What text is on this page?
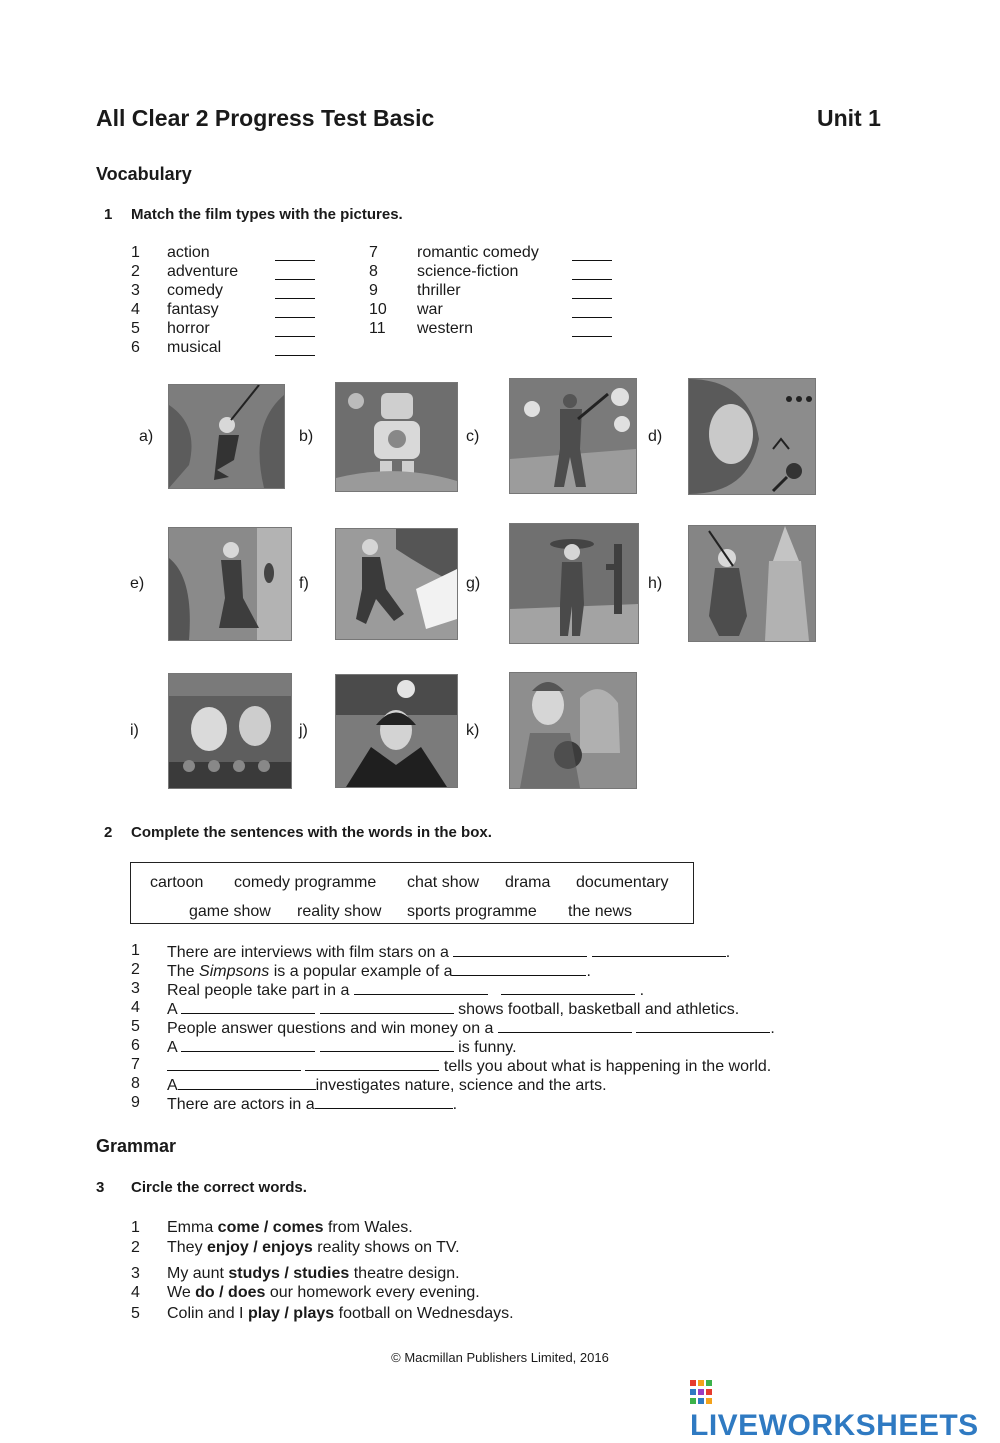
All Clear 2 Progress Test Basic	Unit 1
Vocabulary
1 Match the film types with the pictures.
1	action
2	adventure
3	comedy
4	fantasy
5	horror
6	musical
7	romantic comedy
8	science-fiction
9	thriller
10	war
11	western
a)	b)	c)	d)
e)	f)	g)	h)
i)	j)	k)
2 Complete the sentences with the words in the box.
cartoon comedy programme chat show drama documentary
game show reality show sports programme the news
1	There are interviews with film stars on a	.
2	The Simpsons is a popular example of a	.
3	Real people take part in a	.
4	A	shows football, basketball and athletics.
5	People answer questions and win money on a	.
6	A	is funny.
7	tells you about what is happening in the world.
8	A	investigates nature, science and the arts.
9	There are actors in a	.
Grammar
3 Circle the correct words.
1	Emma come / comes from Wales.
2	They enjoy / enjoys reality shows on TV.
3	My aunt studys / studies theatre design.
4	We do / does our homework every evening.
5	Colin and I play / plays football on Wednesdays.
© Macmillan Publishers Limited, 2016
LIVEWORKSHEETS
